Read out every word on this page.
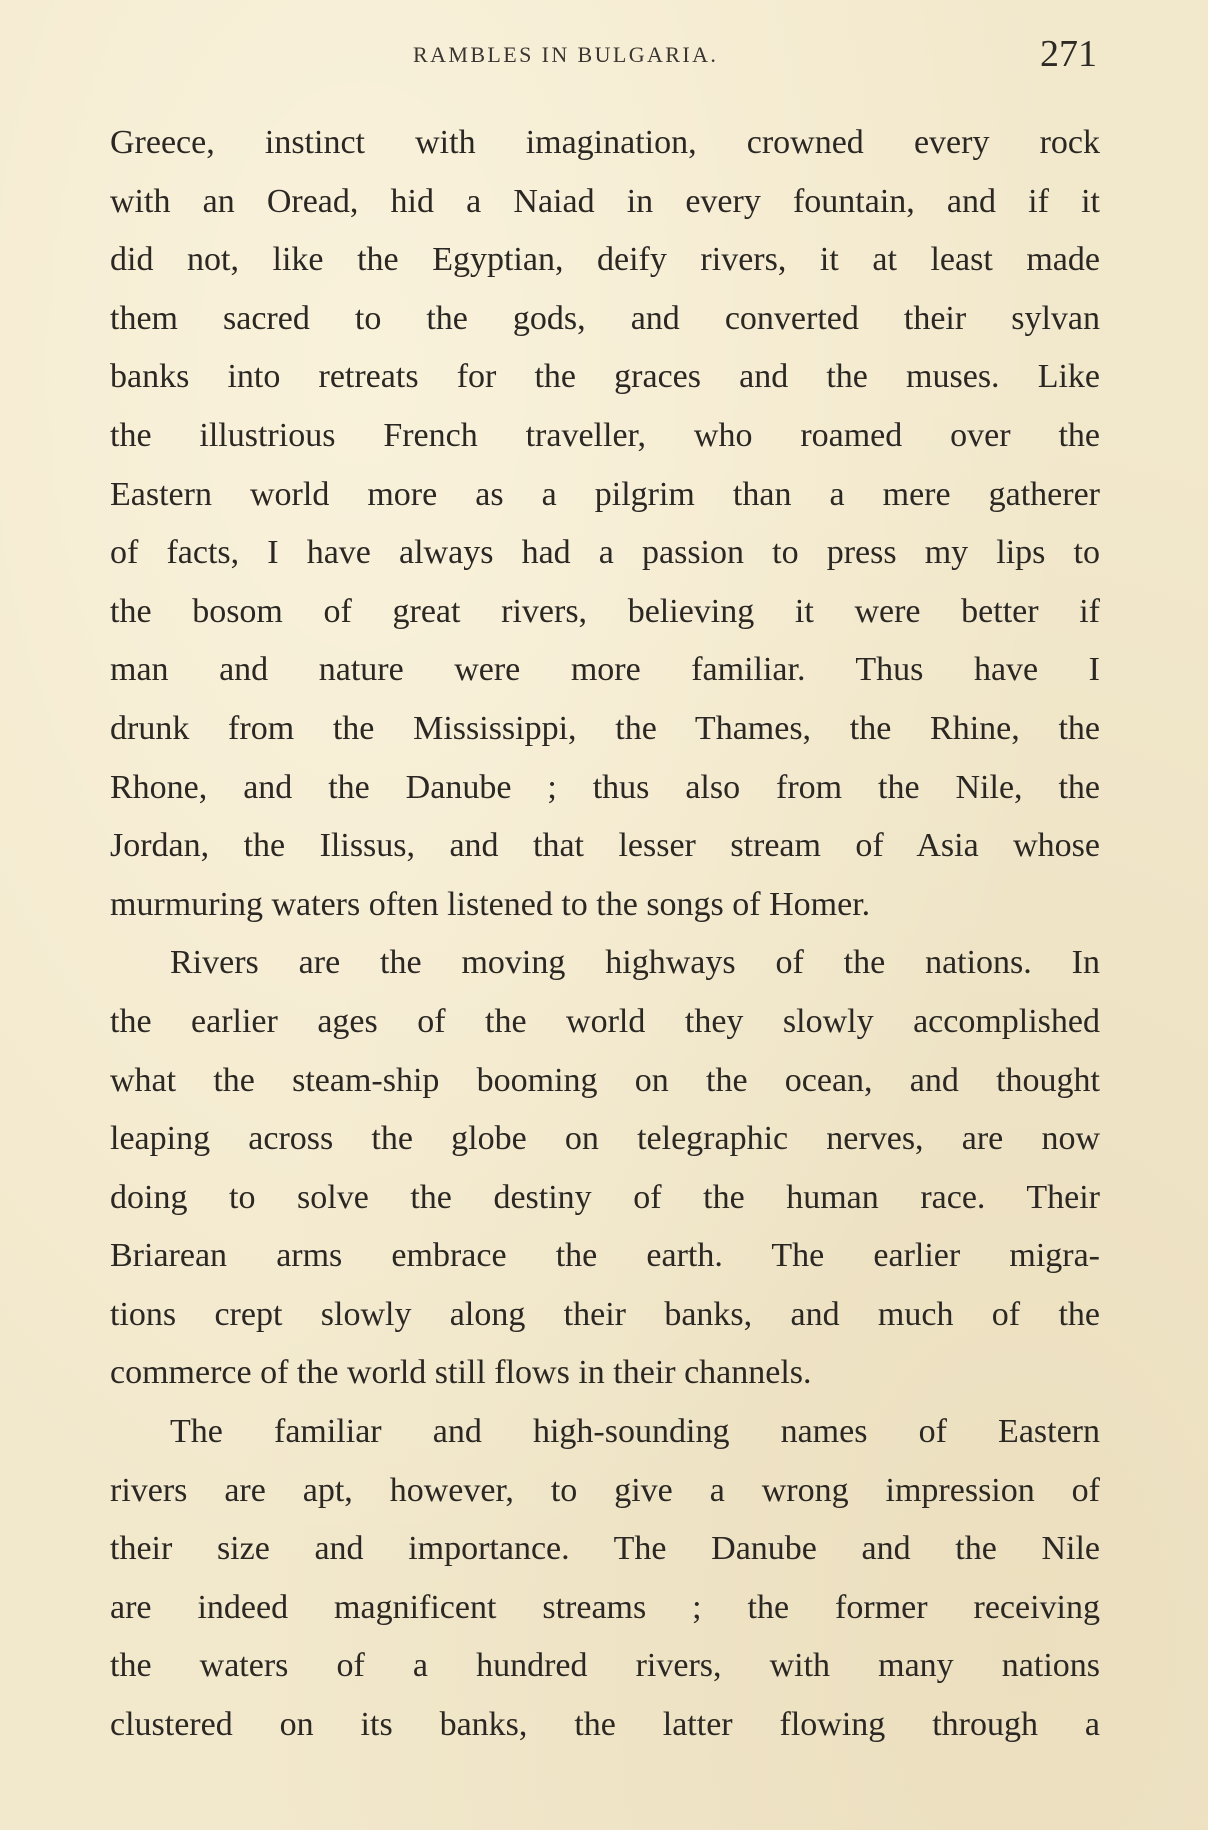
RAMBLES IN BULGARIA.	271
Greece, instinct with imagination, crowned every rock
with an Oread, hid a Naiad in every fountain, and if it
did not, like the Egyptian, deify rivers, it at least made
them sacred to the gods, and converted their sylvan
banks into retreats for the graces and the muses. Like
the illustrious French traveller, who roamed over the
Eastern world more as a pilgrim than a mere gatherer
of facts, I have always had a passion to press my lips to
the bosom of great rivers, believing it were better if
man and nature were more familiar. Thus have I
drunk from the Mississippi, the Thames, the Rhine, the
Rhone, and the Danube ; thus also from the Nile, the
Jordan, the Ilissus, and that lesser stream of Asia whose
murmuring waters often listened to the songs of Homer.
Rivers are the moving highways of the nations. In
the earlier ages of the world they slowly accomplished
what the steam-ship booming on the ocean, and thought
leaping across the globe on telegraphic nerves, are now
doing to solve the destiny of the human race. Their
Briarean arms embrace the earth. The earlier migra-
tions crept slowly along their banks, and much of the
commerce of the world still flows in their channels.
The familiar and high-sounding names of Eastern
rivers are apt, however, to give a wrong impression of
their size and importance. The Danube and the Nile
are indeed magnificent streams ; the former receiving
the waters of a hundred rivers, with many nations
clustered on its banks, the latter flowing through a
